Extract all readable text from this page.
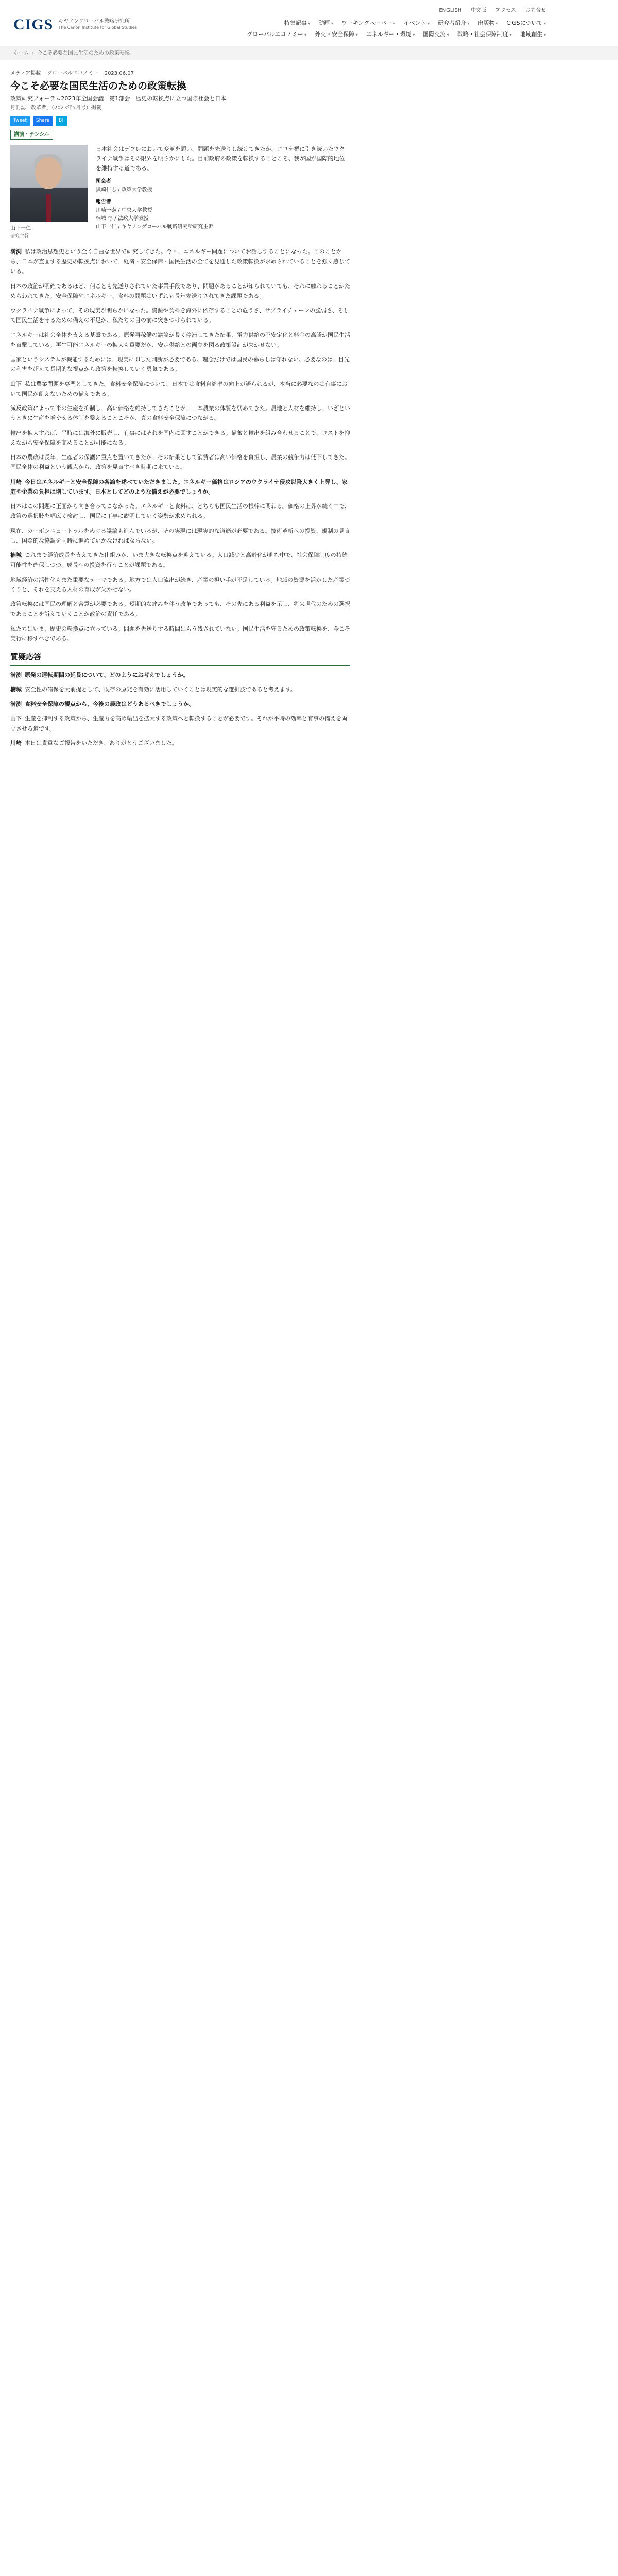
CIGS キヤノングローバル戦略研究所
The Canon Institute for Global Studies
ENGLISH 中文版 アクセス お問合せ
特集記事 ▾	動画 ▾	ワーキングペーパー ▾	イベント ▾	研究者紹介 ▾	出版物 ▾	CIGSについて ▾
グローバルエコノミー ▾	外交・安全保障 ▾	エネルギー・環境 ▾	国際交流 ▾	戦略・社会保障制度 ▾	地域創生 ▾
ホーム › 今こそ必要な国民生活のための政策転換
メディア掲載 グローバルエコノミー 2023.06.07
今こそ必要な国民生活のための政策転換
政策研究フォーラム2023年全国会議　第1部会　歴史の転換点に立つ国際社会と日本
月刊誌「改革者」（2023年5月号）掲載
Tweet	Share	B!
講演・テンシル
山下一仁
研究主幹

日本社会はデフレにおいて変革を願い、問題を先送りし続けてきたが、コロナ禍に引き続いたウクライナ戦争はその限界を明らかにした。目前政府の政策を転換することこそ、我が国が国際的地位を維持する道である。

司会者
黒崎仁志 / 政策大学教授
報告者
川崎一泰 / 中央大学教授
楠城 惇 / 法政大学教授
山下一仁 / キヤノングローバル戦略研究所研究主幹

満渕 私は政治思想史という全く自由な世界で研究してきた。今回、エネルギー問題についてお話しすることになった。このことから、日本が直面する歴史の転換点において、経済・安全保障・国民生活の全てを見通した政策転換が求められていることを強く感じている。

日本の政治が明確であるほど、何ごとも先送りされていた事業手段であり、問題があることが知られていても、それに触れることがためらわれてきた。安全保障やエネルギー、食料の問題はいずれも長年先送りされてきた課題である。

ウクライナ戦争によって、その現実が明らかになった。資源や食料を海外に依存することの危うさ、サプライチェーンの脆弱さ、そして国民生活を守るための備えの不足が、私たちの目の前に突きつけられている。

エネルギーは社会全体を支える基盤である。原発再稼働の議論が長く停滞してきた結果、電力供給の不安定化と料金の高騰が国民生活を直撃している。再生可能エネルギーの拡大も重要だが、安定供給との両立を図る政策設計が欠かせない。

国家というシステムが機能するためには、現実に即した判断が必要である。理念だけでは国民の暮らしは守れない。必要なのは、目先の利害を超えて長期的な視点から政策を転換していく勇気である。

山下 私は農業問題を専門としてきた。食料安全保障について、日本では食料自給率の向上が語られるが、本当に必要なのは有事において国民が飢えないための備えである。

減反政策によって米の生産を抑制し、高い価格を維持してきたことが、日本農業の体質を弱めてきた。農地と人材を維持し、いざというときに生産を増やせる体制を整えることこそが、真の食料安全保障につながる。

輸出を拡大すれば、平時には海外に販売し、有事にはそれを国内に回すことができる。備蓄と輸出を組み合わせることで、コストを抑えながら安全保障を高めることが可能になる。

日本の農政は長年、生産者の保護に重点を置いてきたが、その結果として消費者は高い価格を負担し、農業の競争力は低下してきた。国民全体の利益という観点から、政策を見直すべき時期に来ている。

川崎 今日はエネルギーと安全保障の各論を述べていただきました。エネルギー価格はロシアのウクライナ侵攻以降大きく上昇し、家庭や企業の負担は増しています。日本としてどのような備えが必要でしょうか。

日本はこの問題に正面から向き合ってこなかった。エネルギーと食料は、どちらも国民生活の根幹に関わる。価格の上昇が続く中で、政策の選択肢を幅広く検討し、国民に丁寧に説明していく姿勢が求められる。

現在、カーボンニュートラルをめぐる議論も進んでいるが、その実現には現実的な道筋が必要である。技術革新への投資、規制の見直し、国際的な協調を同時に進めていかなければならない。

楠城 これまで経済成長を支えてきた仕組みが、いま大きな転換点を迎えている。人口減少と高齢化が進む中で、社会保障制度の持続可能性を確保しつつ、成長への投資を行うことが課題である。

地域経済の活性化もまた重要なテーマである。地方では人口流出が続き、産業の担い手が不足している。地域の資源を活かした産業づくりと、それを支える人材の育成が欠かせない。

政策転換には国民の理解と合意が必要である。短期的な痛みを伴う改革であっても、その先にある利益を示し、将来世代のための選択であることを訴えていくことが政治の責任である。

私たちはいま、歴史の転換点に立っている。問題を先送りする時間はもう残されていない。国民生活を守るための政策転換を、今こそ実行に移すべきである。

質疑応答

満渕 原発の運転期間の延長について、どのようにお考えでしょうか。

楠城 安全性の確保を大前提として、既存の原発を有効に活用していくことは現実的な選択肢であると考えます。

満渕 食料安全保障の観点から、今後の農政はどうあるべきでしょうか。

山下 生産を抑制する政策から、生産力を高め輸出を拡大する政策へと転換することが必要です。それが平時の効率と有事の備えを両立させる道です。

川崎 本日は貴重なご報告をいただき、ありがとうございました。
